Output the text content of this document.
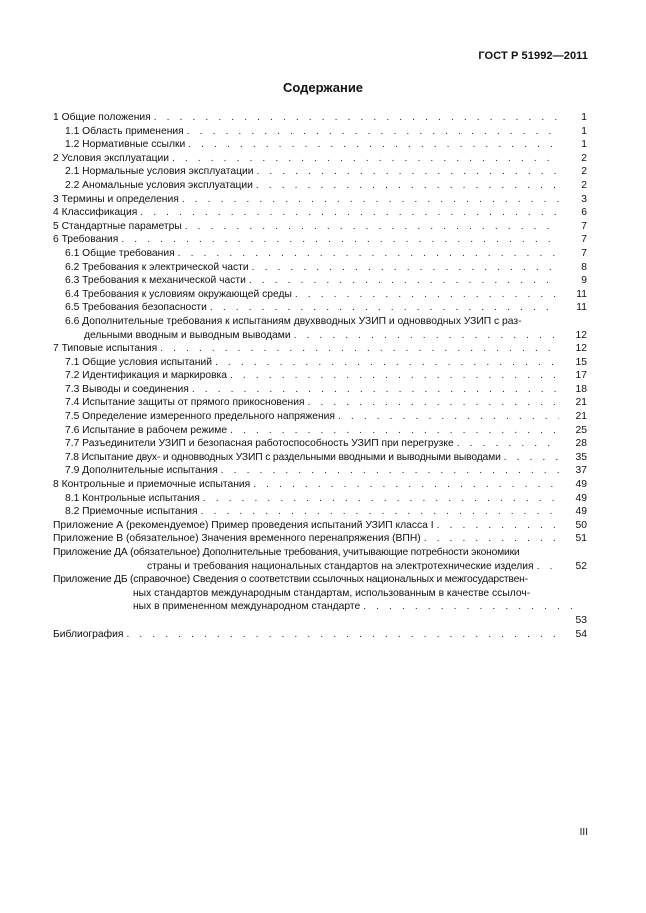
ГОСТ Р 51992—2011
Содержание
1 Общие положения . . .	1
1.1 Область применения . . .	1
1.2 Нормативные ссылки . . .	1
2 Условия эксплуатации . . .	2
2.1 Нормальные условия эксплуатации . . .	2
2.2 Аномальные условия эксплуатации . . .	2
3 Термины и определения . . .	3
4 Классификация . . .	6
5 Стандартные параметры . . .	7
6 Требования . . .	7
6.1 Общие требования . . .	7
6.2 Требования к электрической части . . .	8
6.3 Требования к механической части . . .	9
6.4 Требования к условиям окружающей среды . . .	11
6.5 Требования безопасности . . .	11
6.6 Дополнительные требования к испытаниям двухвводных УЗИП и одновводных УЗИП с раз-
дельными вводным и выводным выводами . . .	12
7 Типовые испытания . . .	12
7.1 Общие условия испытаний . . .	15
7.2 Идентификация и маркировка . . .	17
7.3 Выводы и соединения . . .	18
7.4 Испытание защиты от прямого прикосновения . . .	21
7.5 Определение измеренного предельного напряжения . . .	21
7.6 Испытание в рабочем режиме . . .	25
7.7 Разъединители УЗИП и безопасная работоспособность УЗИП при перегрузке . . .	28
7.8 Испытание двух- и одновводных УЗИП с раздельными вводными и выводными выводами . . .	35
7.9 Дополнительные испытания . . .	37
8 Контрольные и приемочные испытания . . .	49
8.1 Контрольные испытания . . .	49
8.2 Приемочные испытания . . .	49
Приложение А (рекомендуемое) Пример проведения испытаний УЗИП класса I . . .	50
Приложение В (обязательное) Значения временного перенапряжения (ВПН) . . .	51
Приложение ДА (обязательное) Дополнительные требования, учитывающие потребности экономики
страны и требования национальных стандартов на электротехнические изделия . . .	52
Приложение ДБ (справочное) Сведения о соответствии ссылочных национальных и межгосударствен-
ных стандартов международным стандартам, использованным в качестве ссылоч-
ных в примененном международном стандарте
. . .
53
Библиография . . .	54
III
